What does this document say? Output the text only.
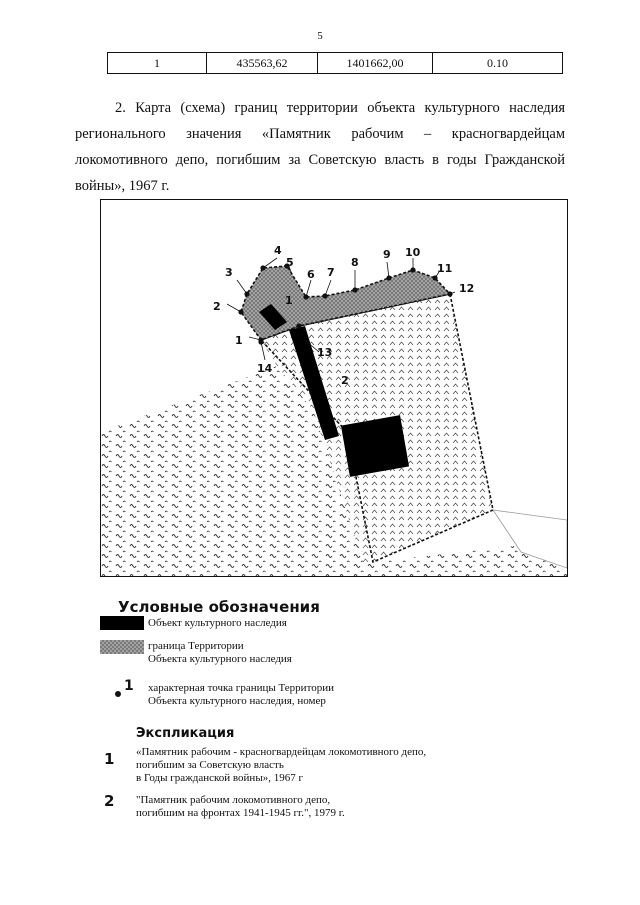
5
1	435563,62	1401662,00	0.10

2. Карта (схема) границ территории объекта культурного наследия регионального значения «Памятник рабочим – красногвардейцам локомотивного депо, погибшим за Советскую власть в годы Гражданской войны», 1967 г.

1
2
3
4
5
6 7
8
9 10
11
12
13
14
1
2
Условные обозначения
Объект культурного наследия
граница Территории
Объекта культурного наследия
1 характерная точка границы Территории
Объекта культурного наследия, номер
Экспликация
1 «Памятник рабочим - красногвардейцам локомотивного депо,
погибшим за Советскую власть
в Годы гражданской войны», 1967 г
2 "Памятник рабочим локомотивного депо,
погибшим на фронтах 1941-1945 гг.", 1979 г.
